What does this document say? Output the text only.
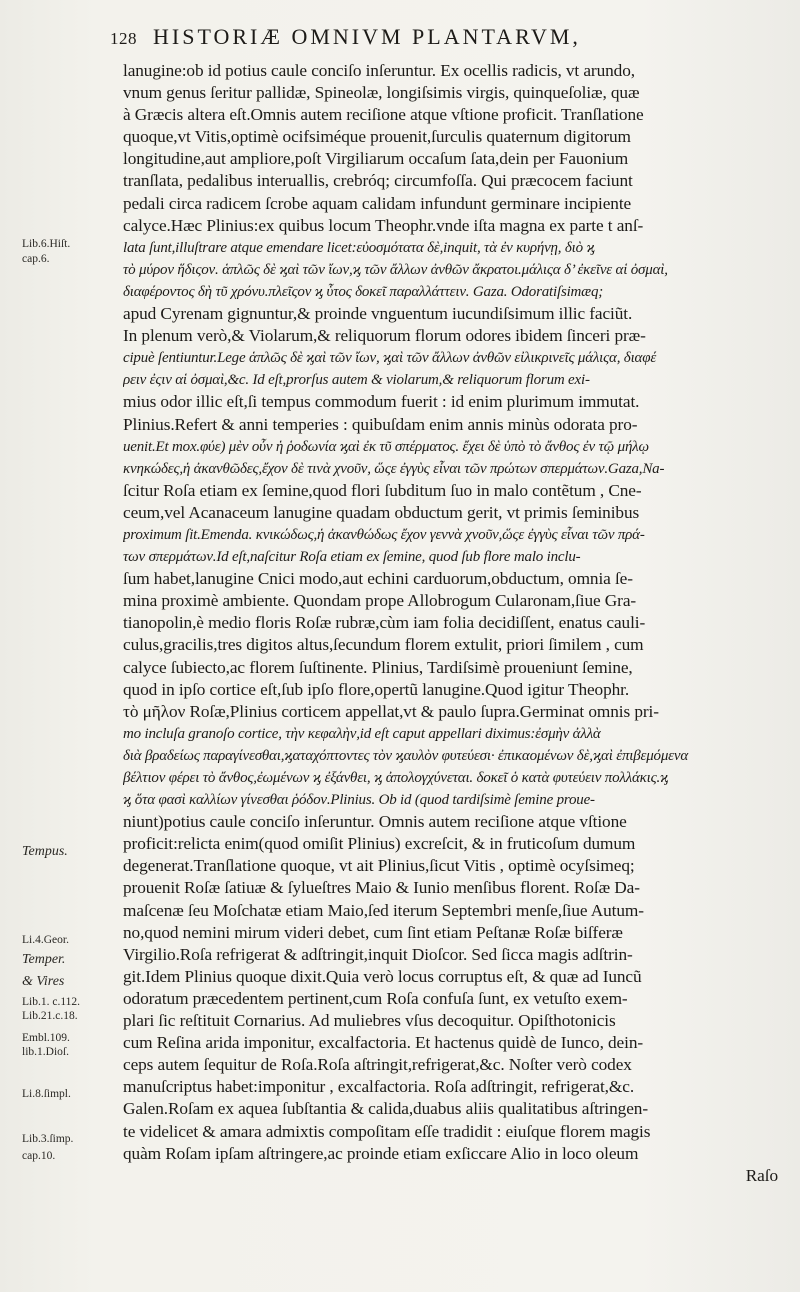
128 HISTORIÆ OMNIVM PLANTARVM,
Lib.6.Hiſt.
cap.6.
Tempus.
Li.4.Geor.
Temper.
& Vires
Lib.1. c.112.
Lib.21.c.18.
Embl.109.
lib.1.Dioſ.
Li.8.ſimpl.
Lib.3.ſimp.
cap.10.
lanugine:ob id potius caule conciſo inſeruntur. Ex ocellis radicis, vt arundo,
vnum genus ſeritur pallidæ, Spineolæ, longiſsimis virgis, quinqueſoliæ, quæ
à Græcis altera eſt.Omnis autem reciſione atque vſtione proficit. Tranſlatione
quoque,vt Vitis,optimè ocifsiméque prouenit,ſurculis quaternum digitorum
longitudine,aut ampliore,poſt Virgiliarum occaſum ſata,dein per Fauonium
tranſlata, pedalibus interuallis, crebróq; circumfoſſa. Qui præcocem faciunt
pedali circa radicem ſcrobe aquam calidam infundunt germinare incipiente
calyce.Hæc Plinius:ex quibus locum Theophr.vnde iſta magna ex parte t anſ-
lata ſunt,illuſtrare atque emendare licet:εὐοσμότατα δὲ,inquit, τὰ ἐν κυρήνῃ, διὸ ϗ
τὸ μύρον ἥδιςον. ἁπλῶς δὲ ϗαὶ τῶν ἴων,ϗ τῶν ἄλλων ἀνθῶν ἄκρατοι.μάλιςα δ’ ἐκεῖνε αἱ ὀσμαὶ,
διαφέροντος δὴ τῦ χρόνυ.πλεῖςον ϗ ὗτος δοκεῖ παραλλάττειν. Gaza. Odoratiſsimæq;
apud Cyrenam gignuntur,& proinde vnguentum iucundiſsimum illic faciũt.
In plenum verò,& Violarum,& reliquorum florum odores ibidem ſinceri præ-
cipuè ſentiuntur.Lege ἁπλῶς δὲ ϗαὶ τῶν ἴων, ϗαὶ τῶν ἄλλων ἀνθῶν εἰλικρινεῖς μάλιςα, διαφέ
ρειν ἐςιν αἱ ὀσμαὶ,&c. Id eſt,prorſus autem & violarum,& reliquorum florum exi-
mius odor illic eſt,ſi tempus commodum fuerit : id enim plurimum immutat.
Plinius.Refert & anni temperies : quibuſdam enim annis minùs odorata pro-
uenit.Et mox.φύε) μὲν οὖν ἡ ῥοδωνία ϗαὶ ἐκ τῦ σπέρματος. ἔχει δὲ ὑπὸ τὸ ἄνθος ἐν τῷ μήλῳ
κνηκώδες,ἡ ἀκανθῶδες,ἔχον δὲ τινὰ χνοῦν, ὥςε ἐγγὺς εἶναι τῶν πρώτων σπερμάτων.Gaza,Na-
ſcitur Roſa etiam ex ſemine,quod flori ſubditum ſuo in malo contẽtum , Cne-
ceum,vel Acanaceum lanugine quadam obductum gerit, vt primis ſeminibus
proximum ſit.Emenda. κνικώδως,ἡ ἀκανθώδως ἔχον γεννὰ χνοῦν,ὥςε ἐγγὺς εἶναι τῶν πρά-
των σπερμάτων.Id eſt,naſcitur Roſa etiam ex ſemine, quod ſub flore malo inclu-
ſum habet,lanugine Cnici modo,aut echini carduorum,obductum, omnia ſe-
mina proximè ambiente. Quondam prope Allobrogum Cularonam,ſiue Gra-
tianopolin,è medio floris Roſæ rubræ,cùm iam folia decidiſſent, enatus cauli-
culus,gracilis,tres digitos altus,ſecundum florem extulit, priori ſimilem , cum
calyce ſubiecto,ac florem ſuſtinente. Plinius, Tardiſsimè proueniunt ſemine,
quod in ipſo cortice eſt,ſub ipſo flore,opertũ lanugine.Quod igitur Theophr.
τὸ μῆλον Roſæ,Plinius corticem appellat,vt & paulo ſupra.Germinat omnis pri-
mo incluſa granoſo cortice, τὴν κεφαλὴν,id eſt caput appellari diximus:ἐσμὴν ἀλλὰ
διὰ βραδείως παραγίνεσθαι,ϗαταχόπτοντες τὸν ϗαυλὸν φυτεύεσι· ἐπικαομένων δὲ,ϗαὶ ἐπιβεμόμενα
βέλτιον φέρει τὸ ἄνθος,ἐωμένων ϗ ἐξάνθει, ϗ ἀπολογχύνεται. δοκεῖ ὁ κατὰ φυτεύειν πολλάκις.ϗ
ϗ ὅτα φασὶ καλλίων γίνεσθαι ῥόδον.Plinius. Ob id (quod tardiſsimè ſemine proue-
niunt)potius caule conciſo inſeruntur. Omnis autem reciſione atque vſtione
proficit:relicta enim(quod omiſit Plinius) excreſcit, & in fruticoſum dumum
degenerat.Tranſlatione quoque, vt ait Plinius,ſicut Vitis , optimè ocyſsimeq;
prouenit Roſæ ſatiuæ & ſylueſtres Maio & Iunio menſibus florent. Roſæ Da-
maſcenæ ſeu Moſchatæ etiam Maio,ſed iterum Septembri menſe,ſiue Autum-
no,quod nemini mirum videri debet, cum ſint etiam Peſtanæ Roſæ biſferæ
Virgilio.Roſa refrigerat & adſtringit,inquit Dioſcor. Sed ſicca magis adſtrin-
git.Idem Plinius quoque dixit.Quia verò locus corruptus eſt, & quæ ad Iuncũ
odoratum præcedentem pertinent,cum Roſa confuſa ſunt, ex vetuſto exem-
plari ſic reſtituit Cornarius. Ad muliebres vſus decoquitur. Opiſthotonicis
cum Reſina arida imponitur, excalfactoria. Et hactenus quidè de Iunco, dein-
ceps autem ſequitur de Roſa.Roſa aſtringit,refrigerat,&c. Noſter verò codex
manuſcriptus habet:imponitur , excalfactoria. Roſa adſtringit, refrigerat,&c.
Galen.Roſam ex aquea ſubſtantia & calida,duabus aliis qualitatibus aſtringen-
te videlicet & amara admixtis compoſitam eſſe tradidit : eiuſque florem magis
quàm Roſam ipſam aſtringere,ac proinde etiam exſiccare Alio in loco oleum
Raſo
